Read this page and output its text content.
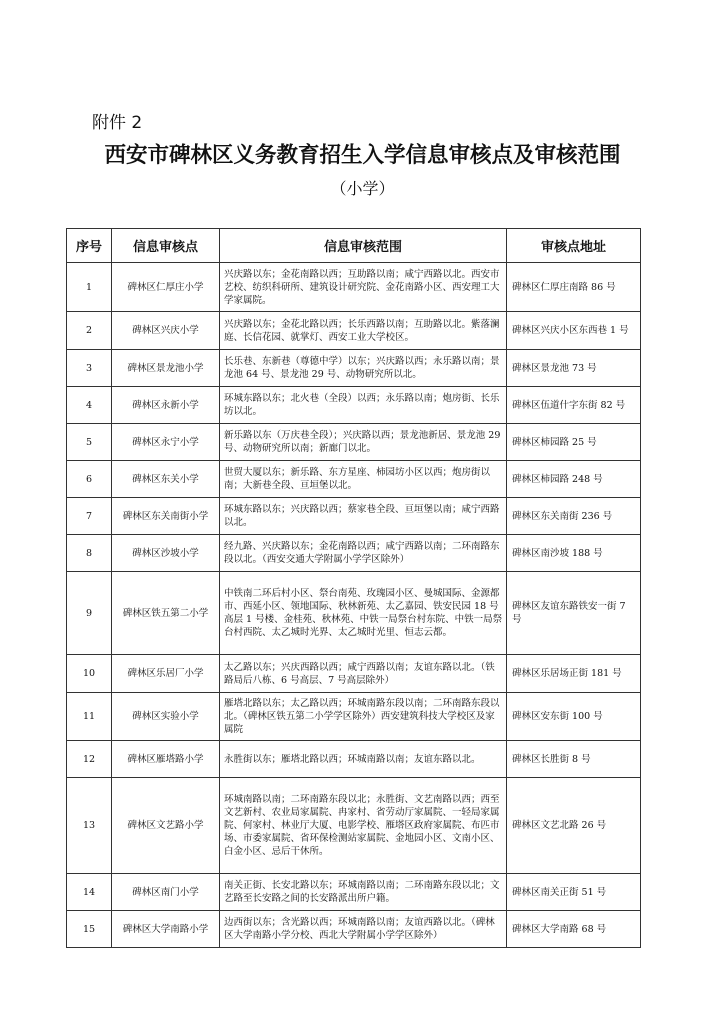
附件 2
西安市碑林区义务教育招生入学信息审核点及审核范围
（小学）
序号	信息审核点	信息审核范围	审核点地址
1	碑林区仁厚庄小学	兴庆路以东；金花南路以西；互助路以南；咸宁西路以北。西安市艺校、纺织科研所、建筑设计研究院、金花南路小区、西安理工大学家属院。	碑林区仁厚庄南路 86 号
2	碑林区兴庆小学	兴庆路以东；金花北路以西；长乐西路以南；互助路以北。紫落澜庭、长信花园、就掌灯、西安工业大学校区。	碑林区兴庆小区东西巷 1 号
3	碑林区景龙池小学	长乐巷、东新巷（尊德中学）以东；兴庆路以西；永乐路以南；景龙池 64 号、景龙池 29 号、动物研究所以北。	碑林区景龙池 73 号
4	碑林区永新小学	环城东路以东；北火巷（全段）以西；永乐路以南；炮房街、长乐坊以北。	碑林区伍道什字东街 82 号
5	碑林区永宁小学	新乐路以东（万庆巷全段）；兴庆路以西；景龙池新居、景龙池 29 号、动物研究所以南；新廊门以北。	碑林区柿园路 25 号
6	碑林区东关小学	世贸大厦以东；新乐路、东方星座、柿园坊小区以西；炮房街以南；大新巷全段、亘垣堡以北。	碑林区柿园路 248 号
7	碑林区东关南街小学	环城东路以东；兴庆路以西；蔡家巷全段、亘垣堡以南；咸宁西路以北。	碑林区东关南街 236 号
8	碑林区沙坡小学	经九路、兴庆路以东；金花南路以西；咸宁西路以南；二环南路东段以北。（西安交通大学附属小学学区除外）	碑林区南沙坡 188 号
9	碑林区铁五第二小学	中铁南二环后村小区、祭台南苑、玫瑰园小区、曼城国际、金源都市、西延小区、领地国际、秋林新苑、太乙嘉园、铁安民园 18 号高层 1 号楼、金桂苑、秋林苑、中铁一局祭台村东院、中铁一局祭台村西院、太乙城时光界、太乙城时光里、恒志云都。	碑林区友谊东路铁安一街 7 号
10	碑林区乐居厂小学	太乙路以东；兴庆西路以西；咸宁西路以南；友谊东路以北。（铁路局后八栋、6 号高层、7 号高层除外）	碑林区乐居场正街 181 号
11	碑林区实验小学	雁塔北路以东；太乙路以西；环城南路东段以南；二环南路东段以北。（碑林区铁五第二小学学区除外）西安建筑科技大学校区及家属院	碑林区安东街 100 号
12	碑林区雁塔路小学	永胜街以东；雁塔北路以西；环城南路以南；友谊东路以北。	碑林区长胜街 8 号
13	碑林区文艺路小学	环城南路以南；二环南路东段以北；永胜街、文艺南路以西；西至文艺新村、农业局家属院、冉家村、省劳动厅家属院、一轻局家属院、何家村、林业厅大厦、电影学校、雁塔区政府家属院、布匹市场、市委家属院、省环保检测站家属院、金地园小区、文南小区、白金小区、忌后干休所。	碑林区文艺北路 26 号
14	碑林区南门小学	南关正街、长安北路以东；环城南路以南；二环南路东段以北；文艺路至长安路之间的长安路派出所户籍。	碑林区南关正街 51 号
15	碑林区大学南路小学	边西街以东；含光路以西；环城南路以南；友谊西路以北。（碑林区大学南路小学分校、西北大学附属小学学区除外）	碑林区大学南路 68 号
